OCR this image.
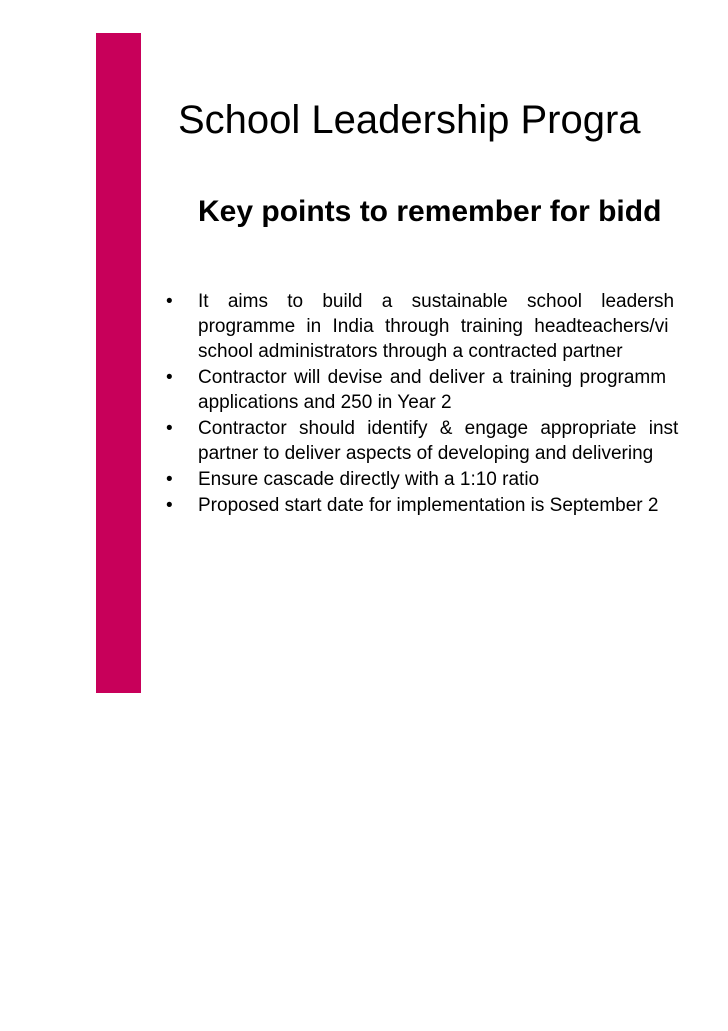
School Leadership Progra
Key points to remember for bidd
• It aims to build a sustainable school leadersh
programme in India through training headteachers/vi
school administrators through a contracted partner
• Contractor will devise and deliver a training programm
applications and 250 in Year 2
• Contractor should identify & engage appropriate inst
partner to deliver aspects of developing and delivering
• Ensure cascade directly with a 1:10 ratio
• Proposed start date for implementation is September 2
